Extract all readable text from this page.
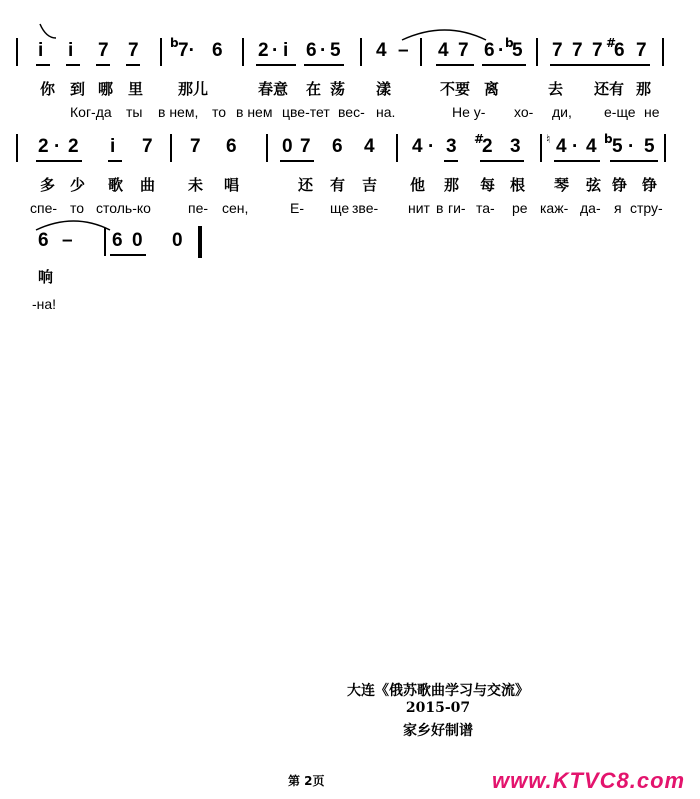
i i 7 7	b 7· 6 2 · i 6 · 5 4 – 4 7 6 · b
5 7 7 7 #
6 7
你 到 哪 里 那儿	春意 在 荡 漾	不要 离	去 还有 那
Ког-да ты в нем, то в нем цве-тет вес- на.	Не у- хо- ди, е-ще не
2 · 2 i 7 7 6 0 7 6 4 4 · 3 #
2 3 ♮ 4 · 4 b 5 · 5
多 少 歌 曲 未 唱	还 有 吉 他 那 每 根 琴 弦 铮 铮
спе- то столь-ко	пе- сен,	Е- ще зве- нит в ги- та- ре каж- да- я стру-
6 – 6 0 0
响
-на!
大连《俄苏歌曲学习与交流》
2015-07
家乡好制谱
第 2页	www.KTVC8.com
